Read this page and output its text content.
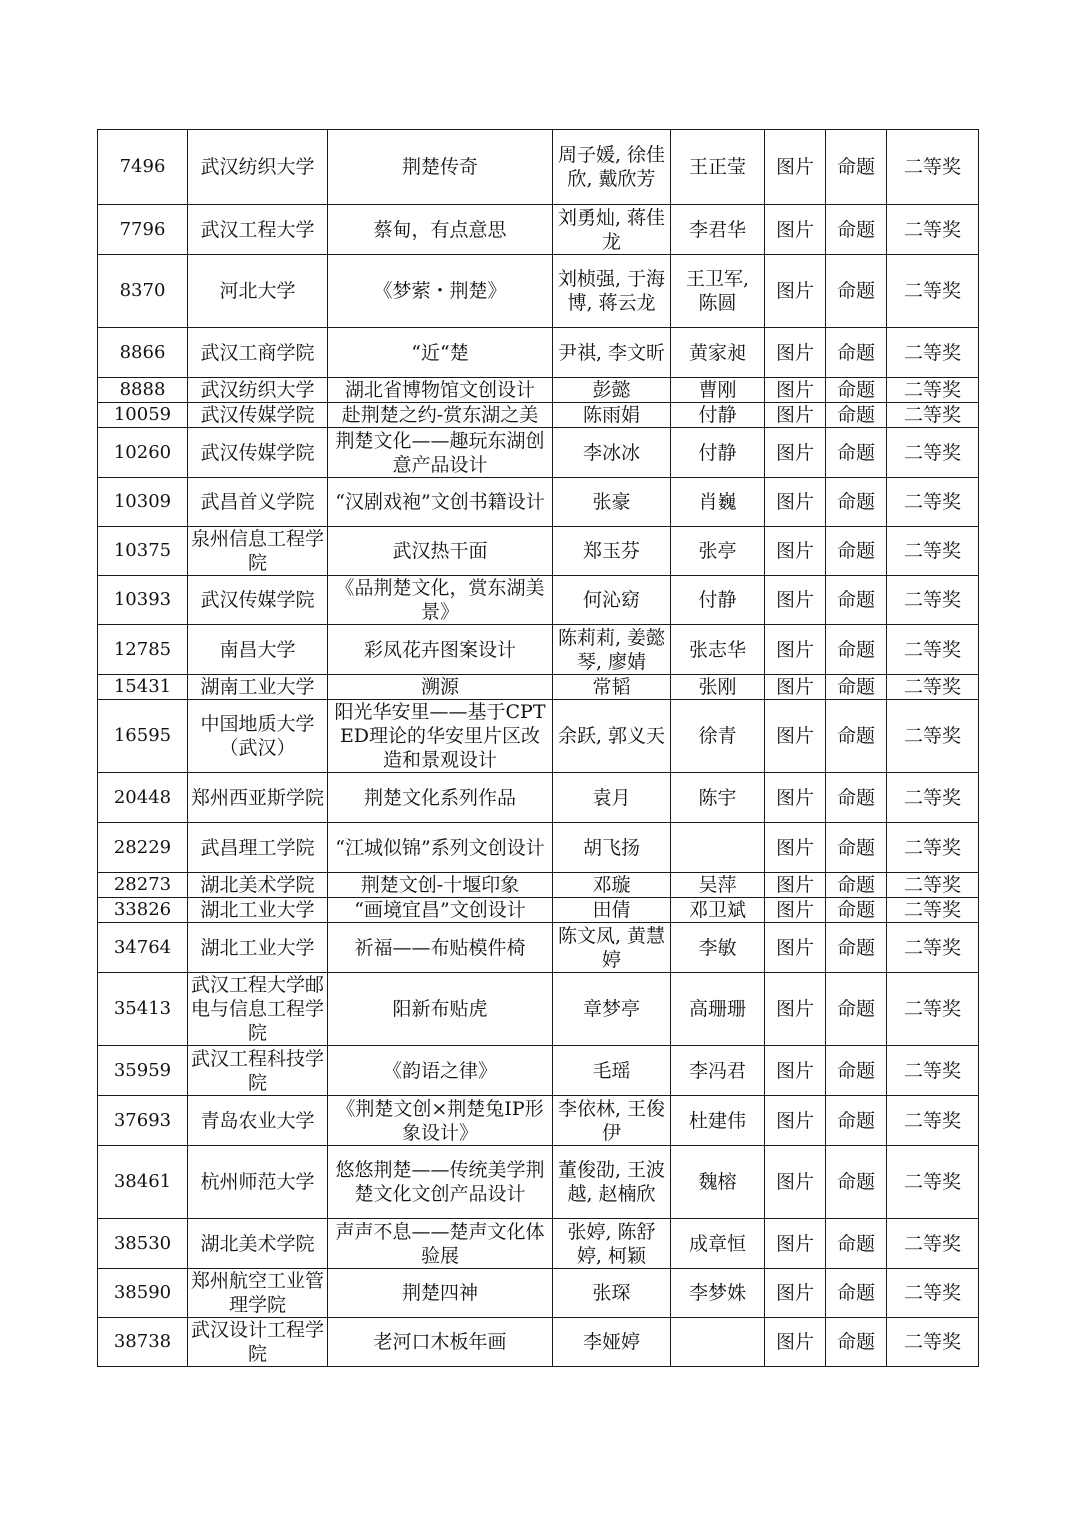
7496	武汉纺织大学	荆楚传奇	周子媛, 徐佳欣, 戴欣芳	王正莹	图片	命题	二等奖
7796	武汉工程大学	蔡甸，有点意思	刘勇灿, 蒋佳龙	李君华	图片	命题	二等奖
8370	河北大学	《梦萦・荆楚》	刘桢强, 于海博, 蒋云龙	王卫军, 陈圆	图片	命题	二等奖
8866	武汉工商学院	“近“楚	尹祺, 李文昕	黄家昶	图片	命题	二等奖
8888	武汉纺织大学	湖北省博物馆文创设计	彭懿	曹刚	图片	命题	二等奖
10059	武汉传媒学院	赴荆楚之约-赏东湖之美	陈雨娟	付静	图片	命题	二等奖
10260	武汉传媒学院	荆楚文化——趣玩东湖创意产品设计	李冰冰	付静	图片	命题	二等奖
10309	武昌首义学院	“汉剧戏袍”文创书籍设计	张豪	肖巍	图片	命题	二等奖
10375	泉州信息工程学院	武汉热干面	郑玉芬	张亭	图片	命题	二等奖
10393	武汉传媒学院	《品荆楚文化，赏东湖美景》	何沁窈	付静	图片	命题	二等奖
12785	南昌大学	彩凤花卉图案设计	陈莉莉, 姜懿琴, 廖婧	张志华	图片	命题	二等奖
15431	湖南工业大学	溯源	常韬	张刚	图片	命题	二等奖
16595	中国地质大学（武汉）	阳光华安里——基于CPTED理论的华安里片区改造和景观设计	余跃, 郭义天	徐青	图片	命题	二等奖
20448	郑州西亚斯学院	荆楚文化系列作品	袁月	陈宇	图片	命题	二等奖
28229	武昌理工学院	“江城似锦”系列文创设计	胡飞扬		图片	命题	二等奖
28273	湖北美术学院	荆楚文创-十堰印象	邓璇	吴萍	图片	命题	二等奖
33826	湖北工业大学	“画境宜昌”文创设计	田倩	邓卫斌	图片	命题	二等奖
34764	湖北工业大学	祈福——布贴模件椅	陈文凤, 黄慧婷	李敏	图片	命题	二等奖
35413	武汉工程大学邮电与信息工程学院	阳新布贴虎	章梦亭	高珊珊	图片	命题	二等奖
35959	武汉工程科技学院	《韵语之律》	毛瑶	李冯君	图片	命题	二等奖
37693	青岛农业大学	《荆楚文创×荆楚兔IP形象设计》	李依林, 王俊伊	杜建伟	图片	命题	二等奖
38461	杭州师范大学	悠悠荆楚——传统美学荆楚文化文创产品设计	董俊劭, 王波越, 赵楠欣	魏榕	图片	命题	二等奖
38530	湖北美术学院	声声不息——楚声文化体验展	张婷, 陈舒婷, 柯颖	成章恒	图片	命题	二等奖
38590	郑州航空工业管理学院	荆楚四神	张琛	李梦姝	图片	命题	二等奖
38738	武汉设计工程学院	老河口木板年画	李娅婷		图片	命题	二等奖
